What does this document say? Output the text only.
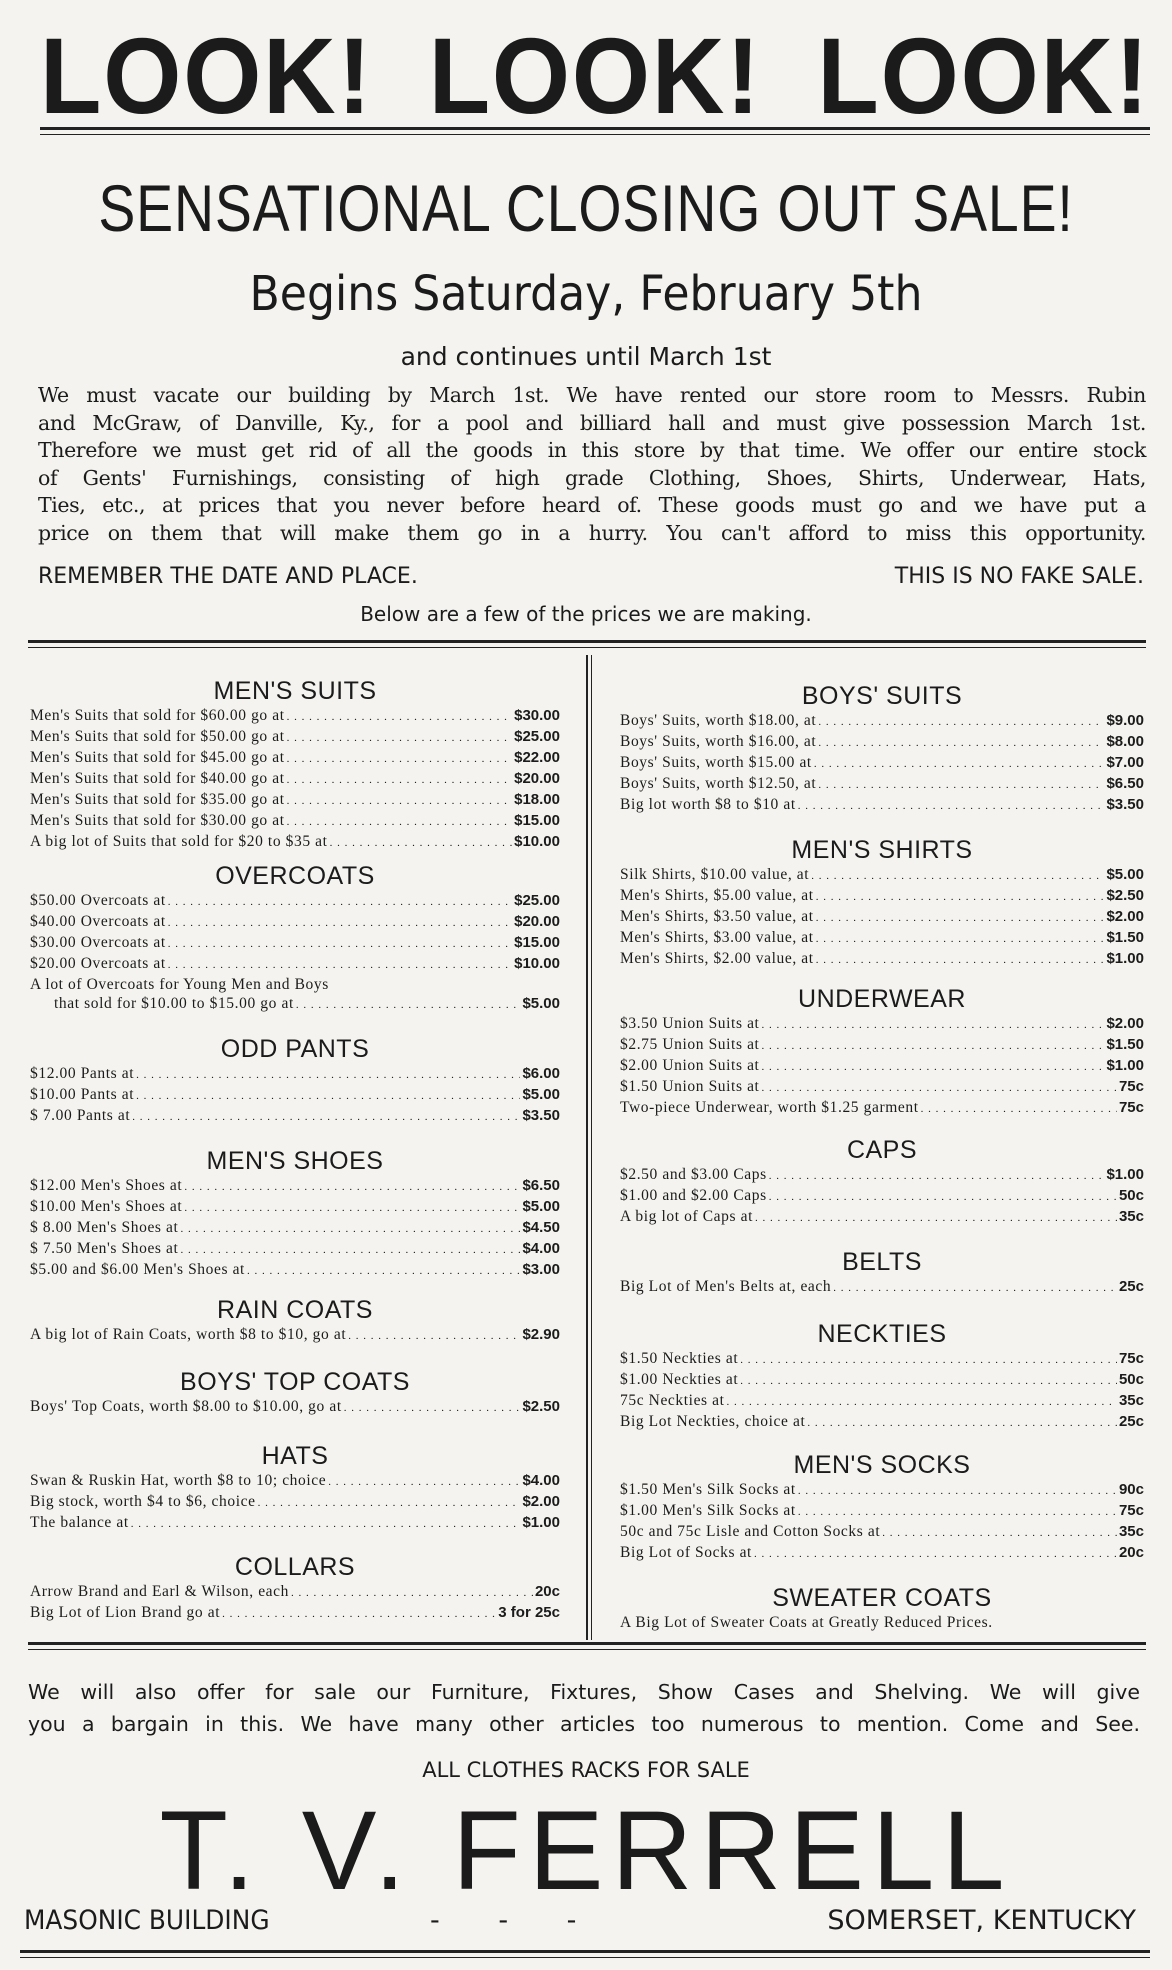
LOOK! LOOK! LOOK!
SENSATIONAL CLOSING OUT SALE!
Begins Saturday, February 5th
and continues until March 1st
We must vacate our building by March 1st. We have rented our store room to Messrs. Rubin
and McGraw, of Danville, Ky., for a pool and billiard hall and must give possession March 1st.
Therefore we must get rid of all the goods in this store by that time. We offer our entire stock
of Gents' Furnishings, consisting of high grade Clothing, Shoes, Shirts, Underwear, Hats,
Ties, etc., at prices that you never before heard of. These goods must go and we have put a
price on them that will make them go in a hurry. You can't afford to miss this opportunity.
REMEMBER THE DATE AND PLACE.	THIS IS NO FAKE SALE.
Below are a few of the prices we are making.
MEN'S SUITS
Men's Suits that sold for $60.00 go at . . .	$30.00
Men's Suits that sold for $50.00 go at . . .	$25.00
Men's Suits that sold for $45.00 go at . . .	$22.00
Men's Suits that sold for $40.00 go at . . .	$20.00
Men's Suits that sold for $35.00 go at . . .	$18.00
Men's Suits that sold for $30.00 go at . . .	$15.00
A big lot of Suits that sold for $20 to $35 at . . .	$10.00
OVERCOATS
$50.00 Overcoats at . . .	$25.00
$40.00 Overcoats at . . .	$20.00
$30.00 Overcoats at . . .	$15.00
$20.00 Overcoats at . . .	$10.00
A lot of Overcoats for Young Men and Boys
that sold for $10.00 to $15.00 go at . . .	$5.00
ODD PANTS
$12.00 Pants at . . .	$6.00
$10.00 Pants at . . .	$5.00
$ 7.00 Pants at . . .	$3.50
MEN'S SHOES
$12.00 Men's Shoes at . . .	$6.50
$10.00 Men's Shoes at . . .	$5.00
$ 8.00 Men's Shoes at . . .	$4.50
$ 7.50 Men's Shoes at . . .	$4.00
$5.00 and $6.00 Men's Shoes at . . .	$3.00
RAIN COATS
A big lot of Rain Coats, worth $8 to $10, go at . . .	$2.90
BOYS' TOP COATS
Boys' Top Coats, worth $8.00 to $10.00, go at . . .	$2.50
HATS
Swan & Ruskin Hat, worth $8 to 10; choice . . .	$4.00
Big stock, worth $4 to $6, choice . . .	$2.00
The balance at . . .	$1.00
COLLARS
Arrow Brand and Earl & Wilson, each . . .	20c
Big Lot of Lion Brand go at . . .	3 for 25c
BOYS' SUITS
Boys' Suits, worth $18.00, at . . .	$9.00
Boys' Suits, worth $16.00, at . . .	$8.00
Boys' Suits, worth $15.00 at . . .	$7.00
Boys' Suits, worth $12.50, at . . .	$6.50
Big lot worth $8 to $10 at . . .	$3.50
MEN'S SHIRTS
Silk Shirts, $10.00 value, at . . .	$5.00
Men's Shirts, $5.00 value, at . . .	$2.50
Men's Shirts, $3.50 value, at . . .	$2.00
Men's Shirts, $3.00 value, at . . .	$1.50
Men's Shirts, $2.00 value, at . . .	$1.00
UNDERWEAR
$3.50 Union Suits at . . .	$2.00
$2.75 Union Suits at . . .	$1.50
$2.00 Union Suits at . . .	$1.00
$1.50 Union Suits at . . .	75c
Two-piece Underwear, worth $1.25 garment . . .	75c
CAPS
$2.50 and $3.00 Caps . . .	$1.00
$1.00 and $2.00 Caps . . .	50c
A big lot of Caps at . . .	35c
BELTS
Big Lot of Men's Belts at, each . . .	25c
NECKTIES
$1.50 Neckties at . . .	75c
$1.00 Neckties at . . .	50c
75c Neckties at . . .	35c
Big Lot Neckties, choice at . . .	25c
MEN'S SOCKS
$1.50 Men's Silk Socks at . . .	90c
$1.00 Men's Silk Socks at . . .	75c
50c and 75c Lisle and Cotton Socks at . . .	35c
Big Lot of Socks at . . .	20c
SWEATER COATS
A Big Lot of Sweater Coats at Greatly Reduced Prices.
We will also offer for sale our Furniture, Fixtures, Show Cases and Shelving. We will give
you a bargain in this. We have many other articles too numerous to mention. Come and See.
ALL CLOTHES RACKS FOR SALE
T. V. FERRELL
MASONIC BUILDING	- - -	SOMERSET, KENTUCKY
